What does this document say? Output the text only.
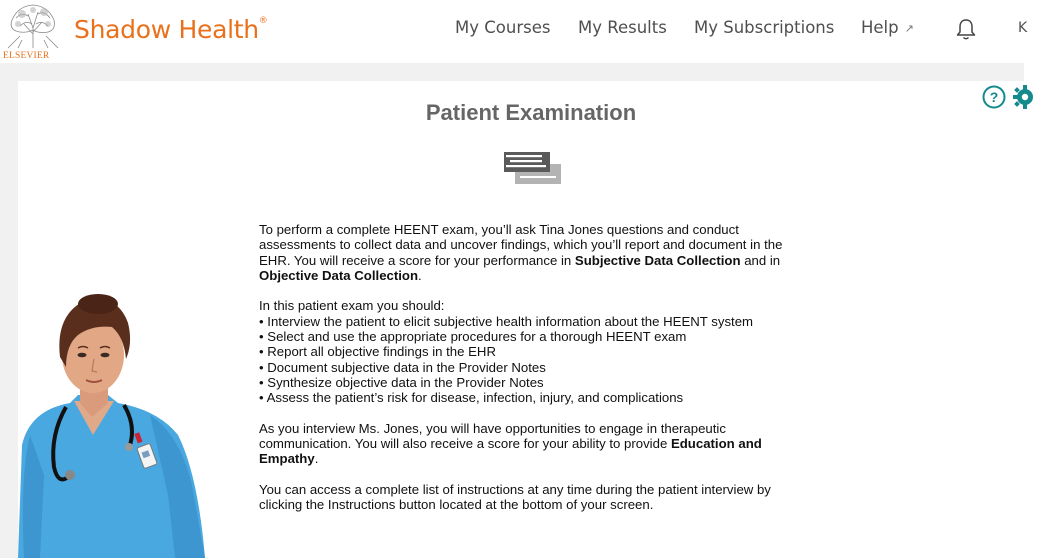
ELSEVIER
Shadow Health®	My Courses My Results My Subscriptions Help ↗	K
Patient Examination
?

To perform a complete HEENT exam, you’ll ask Tina Jones questions and conduct assessments to collect data and uncover findings, which you’ll report and document in the EHR. You will receive a score for your performance in Subjective Data Collection and in Objective Data Collection.

In this patient exam you should:
• Interview the patient to elicit subjective health information about the HEENT system
• Select and use the appropriate procedures for a thorough HEENT exam
• Report all objective findings in the EHR
• Document subjective data in the Provider Notes
• Synthesize objective data in the Provider Notes
• Assess the patient’s risk for disease, infection, injury, and complications

As you interview Ms. Jones, you will have opportunities to engage in therapeutic communication. You will also receive a score for your ability to provide Education and Empathy.

You can access a complete list of instructions at any time during the patient interview by clicking the Instructions button located at the bottom of your screen.
